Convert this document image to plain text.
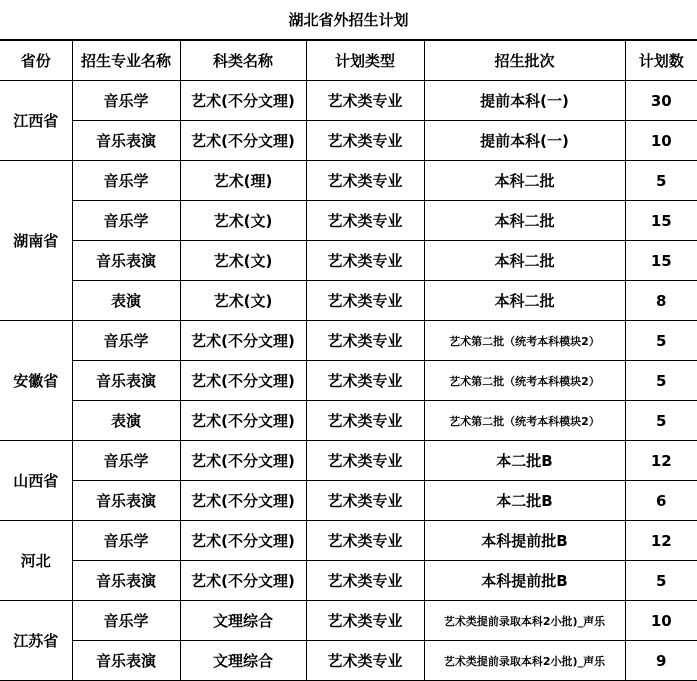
湖北省外招生计划
省份	招生专业名称	科类名称	计划类型	招生批次	计划数
江西省	音乐学	艺术(不分文理)	艺术类专业	提前本科(一)	30
	音乐表演	艺术(不分文理)	艺术类专业	提前本科(一)	10
湖南省	音乐学	艺术(理)	艺术类专业	本科二批	5
	音乐学	艺术(文)	艺术类专业	本科二批	15
	音乐表演	艺术(文)	艺术类专业	本科二批	15
	表演	艺术(文)	艺术类专业	本科二批	8
安徽省	音乐学	艺术(不分文理)	艺术类专业	艺术第二批（统考本科模块2）	5
	音乐表演	艺术(不分文理)	艺术类专业	艺术第二批（统考本科模块2）	5
	表演	艺术(不分文理)	艺术类专业	艺术第二批（统考本科模块2）	5
山西省	音乐学	艺术(不分文理)	艺术类专业	本二批B	12
	音乐表演	艺术(不分文理)	艺术类专业	本二批B	6
河北	音乐学	艺术(不分文理)	艺术类专业	本科提前批B	12
	音乐表演	艺术(不分文理)	艺术类专业	本科提前批B	5
江苏省	音乐学	文理综合	艺术类专业	艺术类提前录取本科2小批)_声乐	10
	音乐表演	文理综合	艺术类专业	艺术类提前录取本科2小批)_声乐	9
